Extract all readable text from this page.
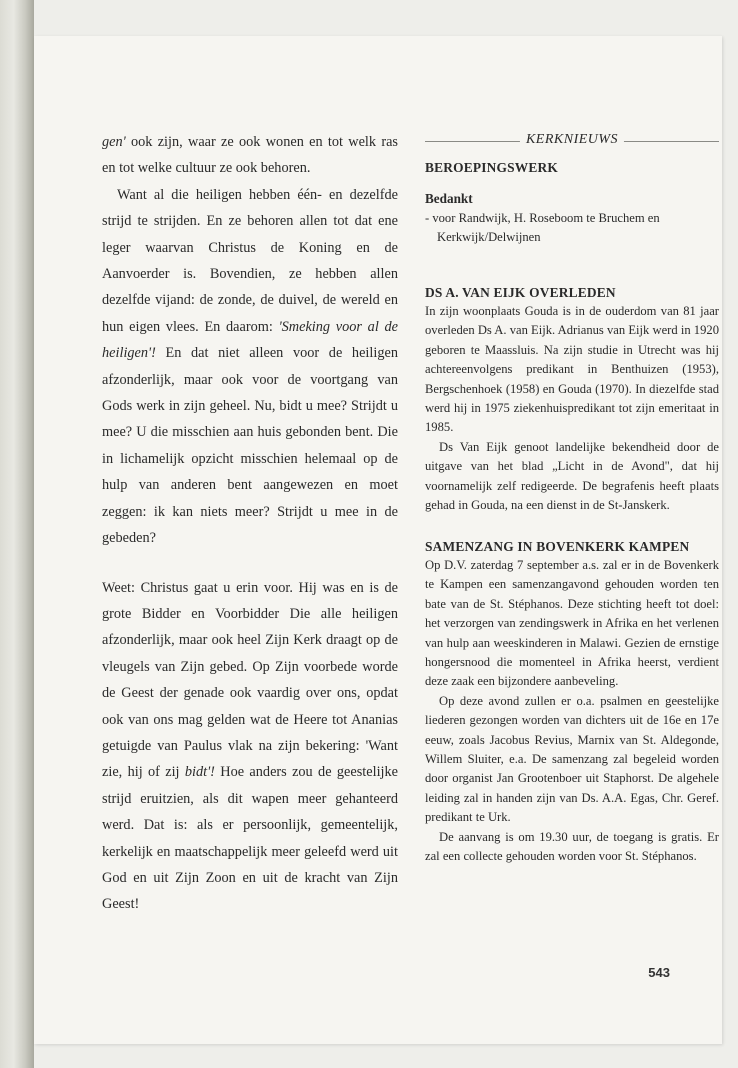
gen' ook zijn, waar ze ook wonen en tot welk ras en tot welke cultuur ze ook behoren.

Want al die heiligen hebben één- en dezelfde strijd te strijden. En ze behoren allen tot dat ene leger waarvan Christus de Koning en de Aanvoerder is. Bovendien, ze hebben allen dezelfde vijand: de zonde, de duivel, de wereld en hun eigen vlees. En daarom: 'Smeking voor al de heiligen'! En dat niet alleen voor de heiligen afzonderlijk, maar ook voor de voortgang van Gods werk in zijn geheel. Nu, bidt u mee? Strijdt u mee? U die misschien aan huis gebonden bent. Die in lichamelijk opzicht misschien helemaal op de hulp van anderen bent aangewezen en moet zeggen: ik kan niets meer? Strijdt u mee in de gebeden?

Weet: Christus gaat u erin voor. Hij was en is de grote Bidder en Voorbidder Die alle heiligen afzonderlijk, maar ook heel Zijn Kerk draagt op de vleugels van Zijn gebed. Op Zijn voorbede worde de Geest der genade ook vaardig over ons, opdat ook van ons mag gelden wat de Heere tot Ananias getuigde van Paulus vlak na zijn bekering: 'Want zie, hij of zij bidt'! Hoe anders zou de geestelijke strijd eruitzien, als dit wapen meer gehanteerd werd. Dat is: als er persoonlijk, gemeentelijk, kerkelijk en maatschappelijk meer geleefd werd uit God en uit Zijn Zoon en uit de kracht van Zijn Geest!

KERKNIEUWS

BEROEPINGSWERK

Bedankt

- voor Randwijk, H. Roseboom te Bruchem en Kerkwijk/Delwijnen

DS A. VAN EIJK OVERLEDEN

In zijn woonplaats Gouda is in de ouderdom van 81 jaar overleden Ds A. van Eijk. Adrianus van Eijk werd in 1920 geboren te Maassluis. Na zijn studie in Utrecht was hij achtereenvolgens predikant in Benthuizen (1953), Bergschenhoek (1958) en Gouda (1970). In diezelfde stad werd hij in 1975 ziekenhuispredikant tot zijn emeritaat in 1985.

Ds Van Eijk genoot landelijke bekendheid door de uitgave van het blad „Licht in de Avond", dat hij voornamelijk zelf redigeerde. De begrafenis heeft plaats gehad in Gouda, na een dienst in de St-Janskerk.

SAMENZANG IN BOVENKERK KAMPEN

Op D.V. zaterdag 7 september a.s. zal er in de Bovenkerk te Kampen een samenzangavond gehouden worden ten bate van de St. Stéphanos. Deze stichting heeft tot doel: het verzorgen van zendingswerk in Afrika en het verlenen van hulp aan weeskinderen in Malawi. Gezien de ernstige hongersnood die momenteel in Afrika heerst, verdient deze zaak een bijzondere aanbeveling.

Op deze avond zullen er o.a. psalmen en geestelijke liederen gezongen worden van dichters uit de 16e en 17e eeuw, zoals Jacobus Revius, Marnix van St. Aldegonde, Willem Sluiter, e.a. De samenzang zal begeleid worden door organist Jan Grootenboer uit Staphorst. De algehele leiding zal in handen zijn van Ds. A.A. Egas, Chr. Geref. predikant te Urk.

De aanvang is om 19.30 uur, de toegang is gratis. Er zal een collecte gehouden worden voor St. Stéphanos.

543
